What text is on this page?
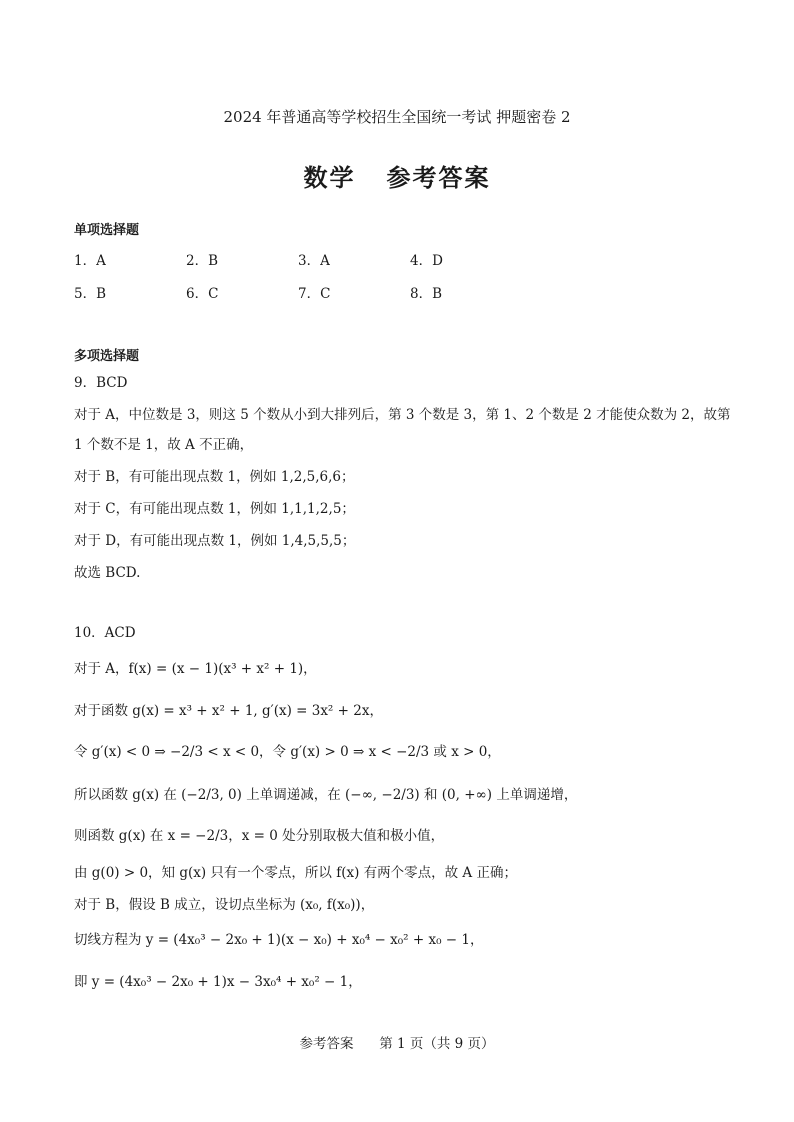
2024 年普通高等学校招生全国统一考试 押题密卷 2
数学   参考答案
单项选择题
1．A	2．B	3．A	4．D
5．B	6．C	7．C	8．B
多项选择题
9．BCD
对于 A，中位数是 3，则这 5 个数从小到大排列后，第 3 个数是 3，第 1、2 个数是 2 才能使众数为 2，故第
1 个数不是 1，故 A 不正确，
对于 B，有可能出现点数 1，例如 1,2,5,6,6；
对于 C，有可能出现点数 1，例如 1,1,1,2,5；
对于 D，有可能出现点数 1，例如 1,4,5,5,5；
故选 BCD.
10．ACD
对于 A，f(x) = (x − 1)(x³ + x² + 1)，
对于函数 g(x) = x³ + x² + 1, g′(x) = 3x² + 2x，
令 g′(x) < 0 ⇒ −2/3 < x < 0，令 g′(x) > 0 ⇒ x < −2/3 或 x > 0，
所以函数 g(x) 在 (−2/3, 0) 上单调递减，在 (−∞, −2/3) 和 (0, +∞) 上单调递增，
则函数 g(x) 在 x = −2/3，x = 0 处分别取极大值和极小值，
由 g(0) > 0，知 g(x) 只有一个零点，所以 f(x) 有两个零点，故 A 正确；
对于 B，假设 B 成立，设切点坐标为 (x₀, f(x₀))，
切线方程为 y = (4x₀³ − 2x₀ + 1)(x − x₀) + x₀⁴ − x₀² + x₀ − 1，
即 y = (4x₀³ − 2x₀ + 1)x − 3x₀⁴ + x₀² − 1，
参考答案      第 1 页（共 9 页）
